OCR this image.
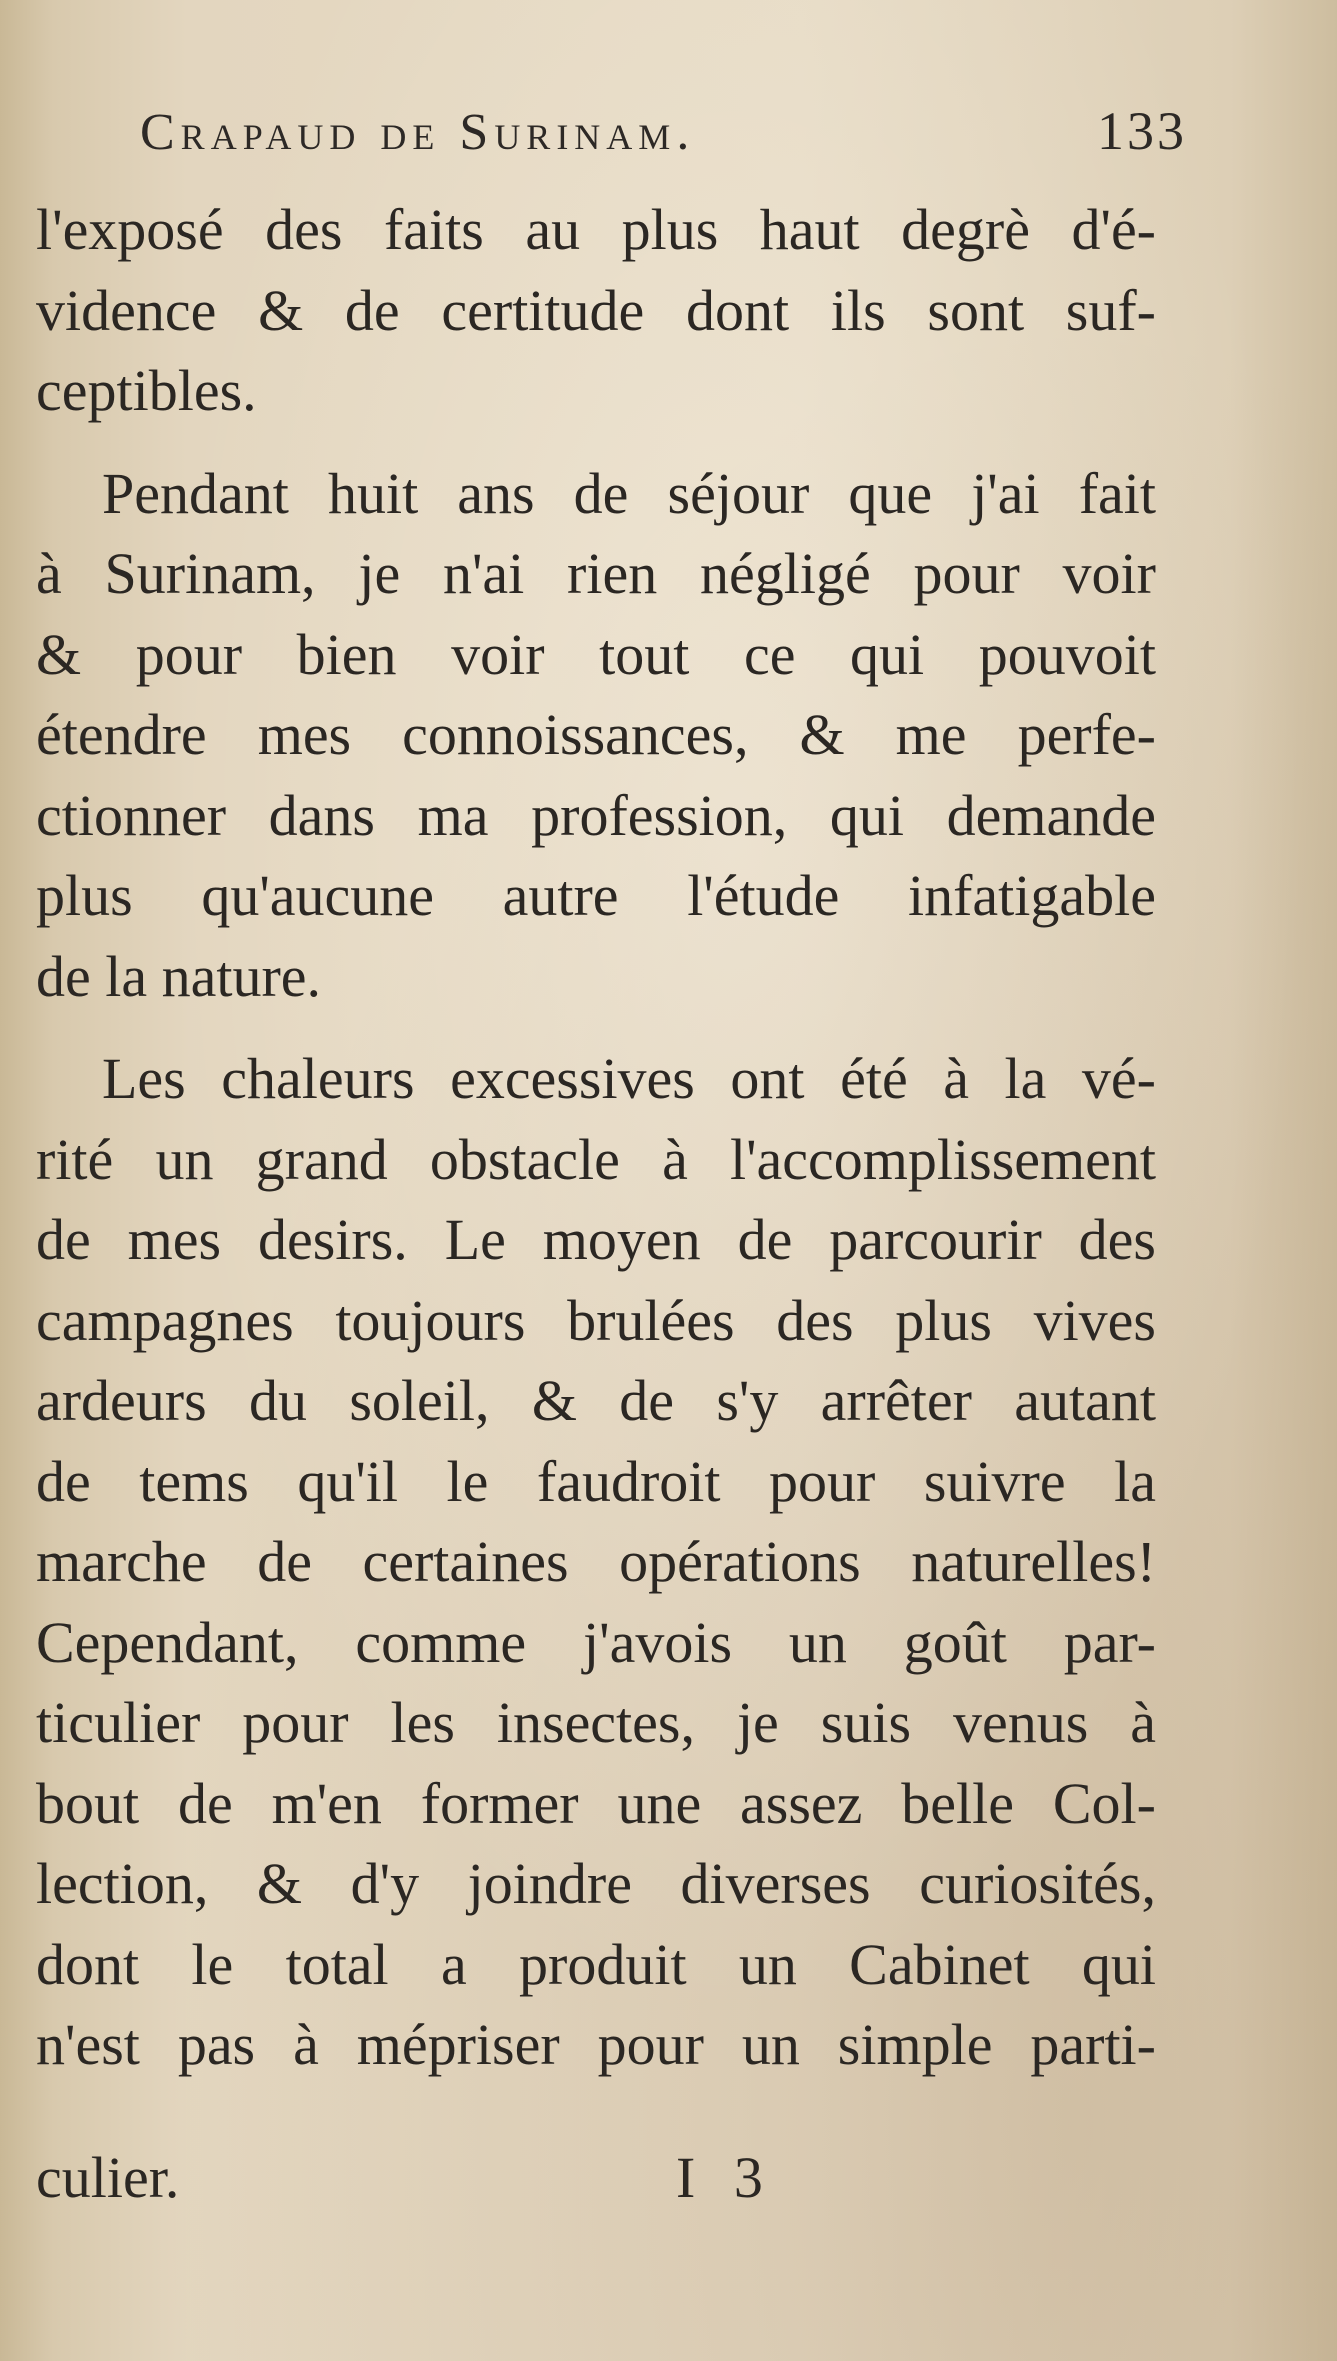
Crapaud de Surinam.	133
l'exposé des faits au plus haut degrè d'é-
vidence & de certitude dont ils sont suf-
ceptibles.
Pendant huit ans de séjour que j'ai fait
à Surinam, je n'ai rien négligé pour voir
& pour bien voir tout ce qui pouvoit
étendre mes connoissances, & me perfe-
ctionner dans ma profession, qui demande
plus qu'aucune autre l'étude infatigable
de la nature.
Les chaleurs excessives ont été à la vé-
rité un grand obstacle à l'accomplissement
de mes desirs. Le moyen de parcourir des
campagnes toujours brulées des plus vives
ardeurs du soleil, & de s'y arrêter autant
de tems qu'il le faudroit pour suivre la
marche de certaines opérations naturelles!
Cependant, comme j'avois un goût par-
ticulier pour les insectes, je suis venus à
bout de m'en former une assez belle Col-
lection, & d'y joindre diverses curiosités,
dont le total a produit un Cabinet qui
n'est pas à mépriser pour un simple parti-
culier.	I 3
